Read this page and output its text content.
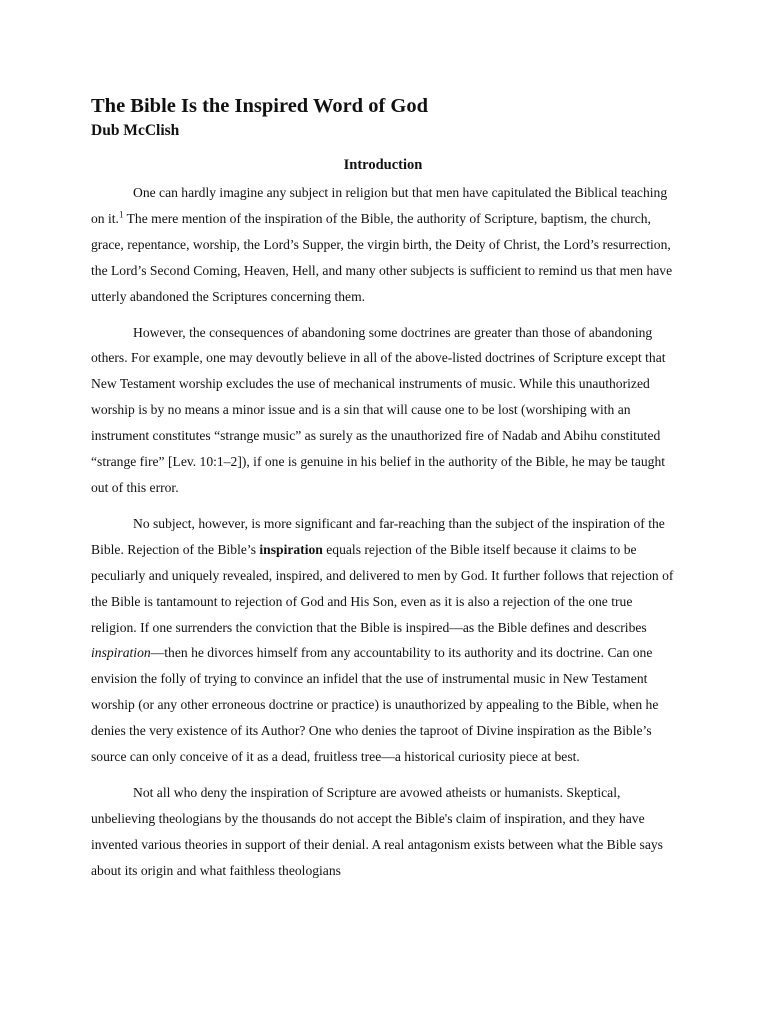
The Bible Is the Inspired Word of God

Dub McClish

Introduction

One can hardly imagine any subject in religion but that men have capitulated the Biblical teaching on it.$^1$ The mere mention of the inspiration of the Bible, the authority of Scripture, baptism, the church, grace, repentance, worship, the Lord’s Supper, the virgin birth, the Deity of Christ, the Lord’s resurrection, the Lord’s Second Coming, Heaven, Hell, and many other subjects is sufficient to remind us that men have utterly abandoned the Scriptures concerning them.

However, the consequences of abandoning some doctrines are greater than those of abandoning others. For example, one may devoutly believe in all of the above-listed doctrines of Scripture except that New Testament worship excludes the use of mechanical instruments of music. While this unauthorized worship is by no means a minor issue and is a sin that will cause one to be lost (worshiping with an instrument constitutes “strange music” as surely as the unauthorized fire of Nadab and Abihu constituted “strange fire” [Lev. 10:1–2]), if one is genuine in his belief in the authority of the Bible, he may be taught out of this error.

No subject, however, is more significant and far-reaching than the subject of the inspiration of the Bible. Rejection of the Bible’s inspiration equals rejection of the Bible itself because it claims to be peculiarly and uniquely revealed, inspired, and delivered to men by God. It further follows that rejection of the Bible is tantamount to rejection of God and His Son, even as it is also a rejection of the one true religion. If one surrenders the conviction that the Bible is inspired—as the Bible defines and describes inspiration—then he divorces himself from any accountability to its authority and its doctrine. Can one envision the folly of trying to convince an infidel that the use of instrumental music in New Testament worship (or any other erroneous doctrine or practice) is unauthorized by appealing to the Bible, when he denies the very existence of its Author? One who denies the taproot of Divine inspiration as the Bible’s source can only conceive of it as a dead, fruitless tree—a historical curiosity piece at best.

Not all who deny the inspiration of Scripture are avowed atheists or humanists. Skeptical, unbelieving theologians by the thousands do not accept the Bible's claim of inspiration, and they have invented various theories in support of their denial. A real antagonism exists between what the Bible says about its origin and what faithless theologians
